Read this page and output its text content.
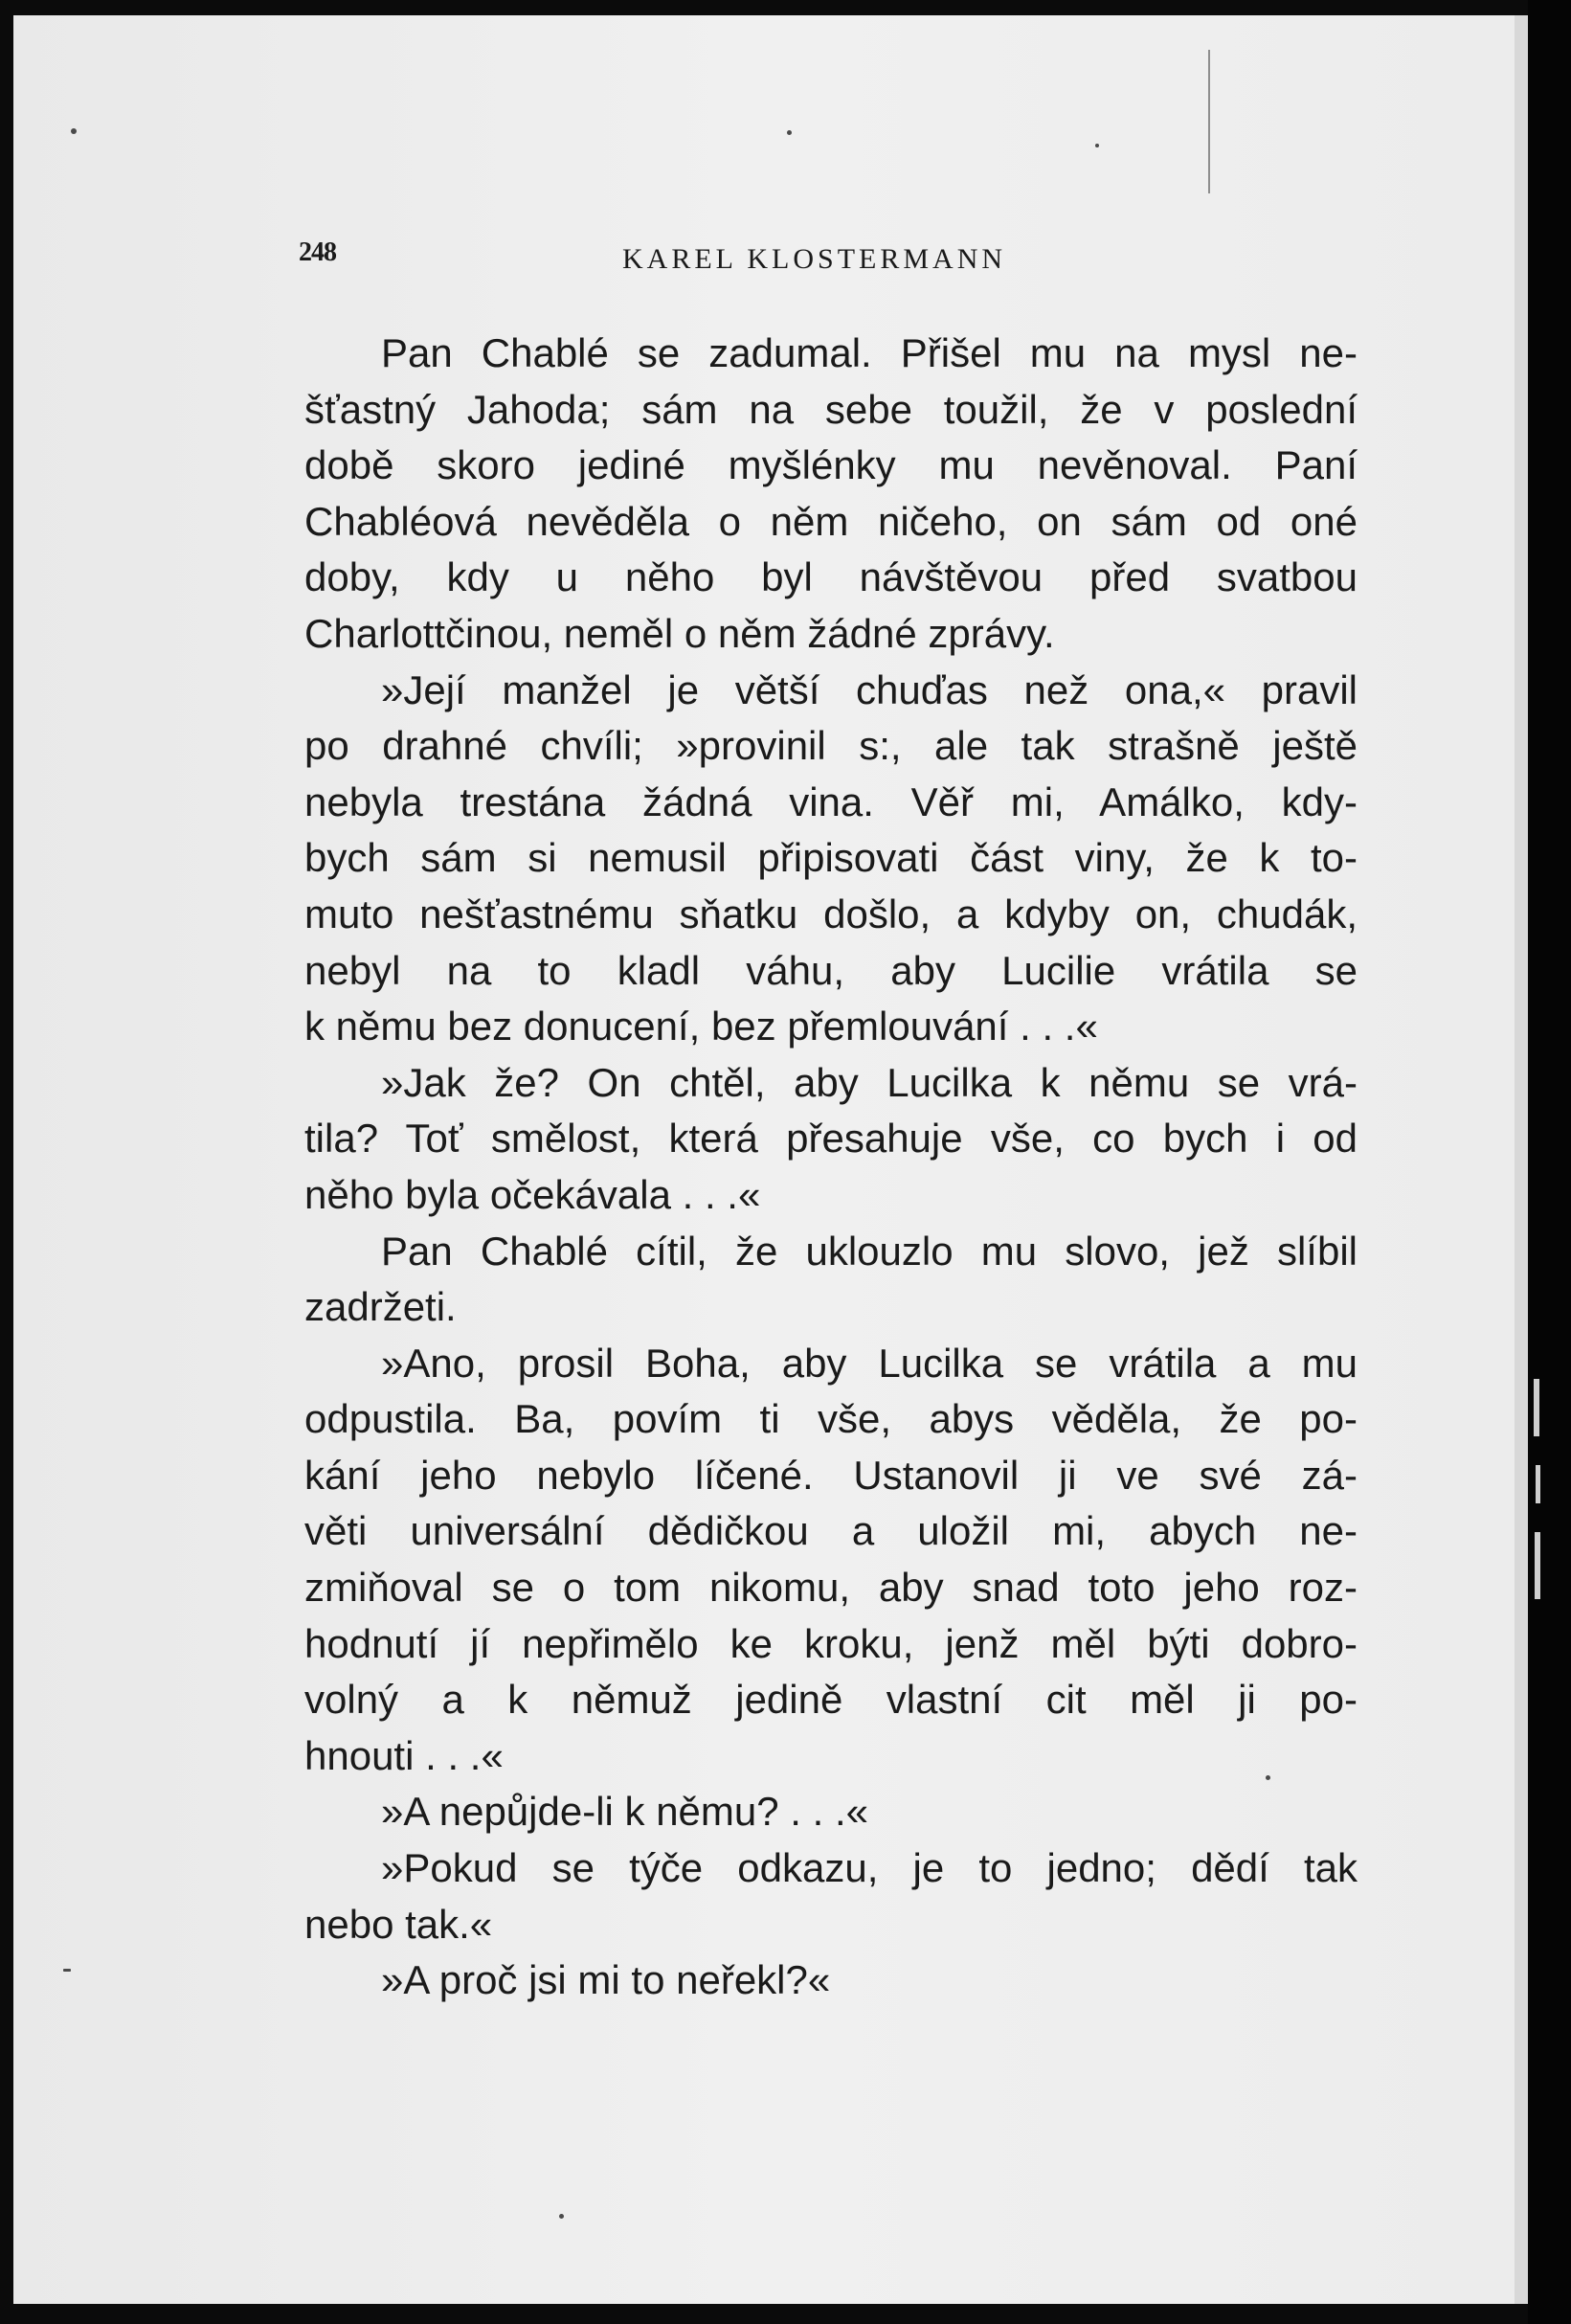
248	KAREL KLOSTERMANN
Pan Chablé se zadumal. Přišel mu na mysl ne-
šťastný Jahoda; sám na sebe toužil, že v poslední
době skoro jediné myšlénky mu nevěnoval. Paní
Chabléová nevěděla o něm ničeho, on sám od oné
doby, kdy u něho byl návštěvou před svatbou
Charlottčinou, neměl o něm žádné zprávy.
»Její manžel je větší chuďas než ona,« pravil
po drahné chvíli; »provinil s:, ale tak strašně ještě
nebyla trestána žádná vina. Věř mi, Amálko, kdy-
bych sám si nemusil připisovati část viny, že k to-
muto nešťastnému sňatku došlo, a kdyby on, chudák,
nebyl na to kladl váhu, aby Lucilie vrátila se
k němu bez donucení, bez přemlouvání . . .«
»Jak že? On chtěl, aby Lucilka k němu se vrá-
tila? Toť smělost, která přesahuje vše, co bych i od
něho byla očekávala . . .«
Pan Chablé cítil, že uklouzlo mu slovo, jež slíbil
zadržeti.
»Ano, prosil Boha, aby Lucilka se vrátila a mu
odpustila. Ba, povím ti vše, abys věděla, že po-
kání jeho nebylo líčené. Ustanovil ji ve své zá-
věti universální dědičkou a uložil mi, abych ne-
zmiňoval se o tom nikomu, aby snad toto jeho roz-
hodnutí jí nepřimělo ke kroku, jenž měl býti dobro-
volný a k němuž jedině vlastní cit měl ji po-
hnouti . . .«
»A nepůjde-li k němu? . . .«
»Pokud se týče odkazu, je to jedno; dědí tak
nebo tak.«
»A proč jsi mi to neřekl?«
